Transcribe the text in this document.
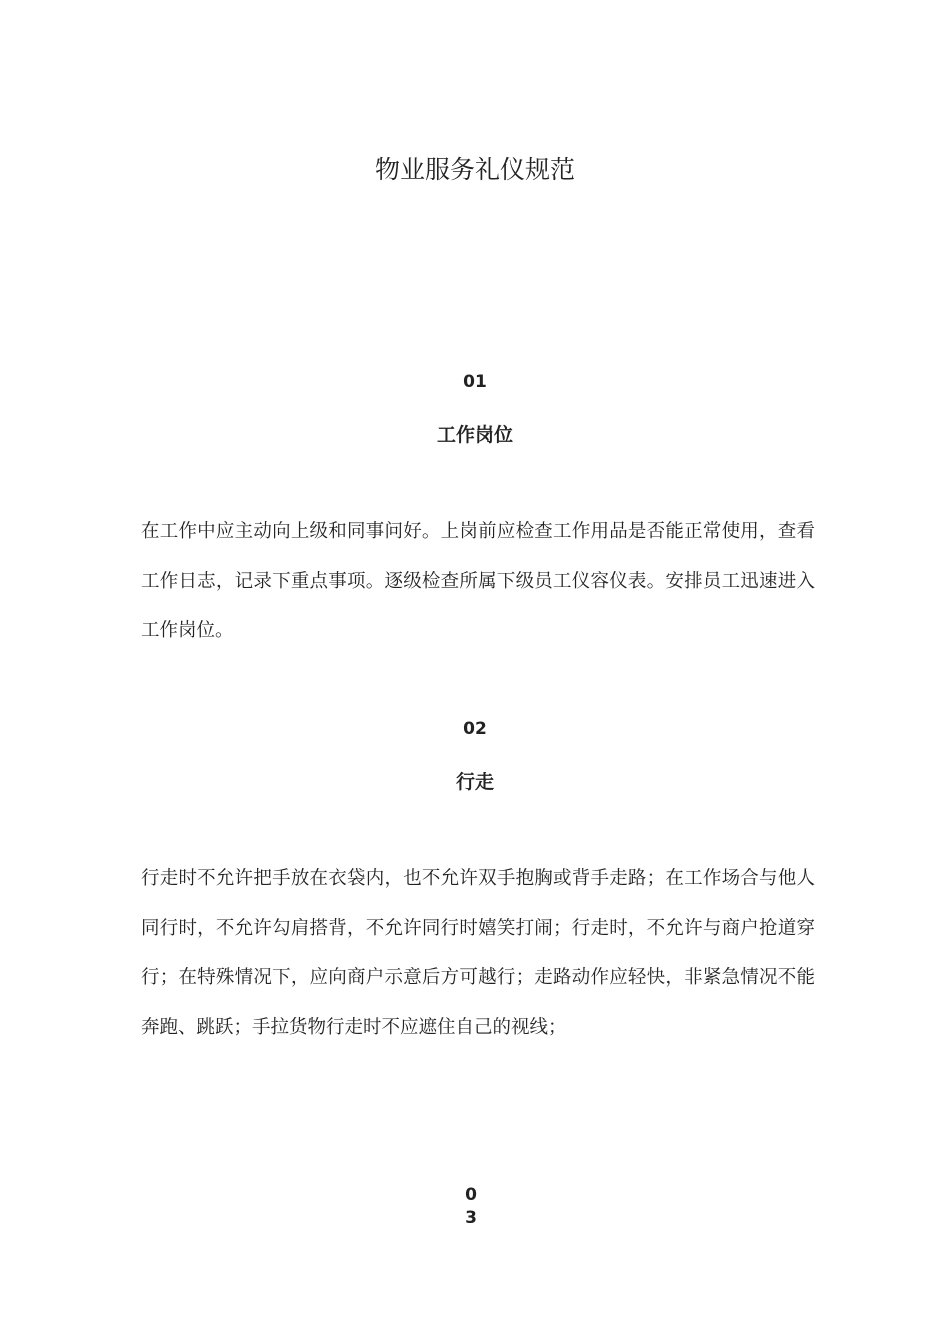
物业服务礼仪规范
01
工作岗位

在工作中应主动向上级和同事问好。上岗前应检查工作用品是否能正常使用，查看工作日志，记录下重点事项。逐级检查所属下级员工仪容仪表。安排员工迅速进入工作岗位。

02
行走

行走时不允许把手放在衣袋内，也不允许双手抱胸或背手走路；在工作场合与他人同行时，不允许勾肩搭背，不允许同行时嬉笑打闹；行走时，不允许与商户抢道穿行；在特殊情况下，应向商户示意后方可越行；走路动作应轻快，非紧急情况不能奔跑、跳跃；手拉货物行走时不应遮住自己的视线；

0
3
